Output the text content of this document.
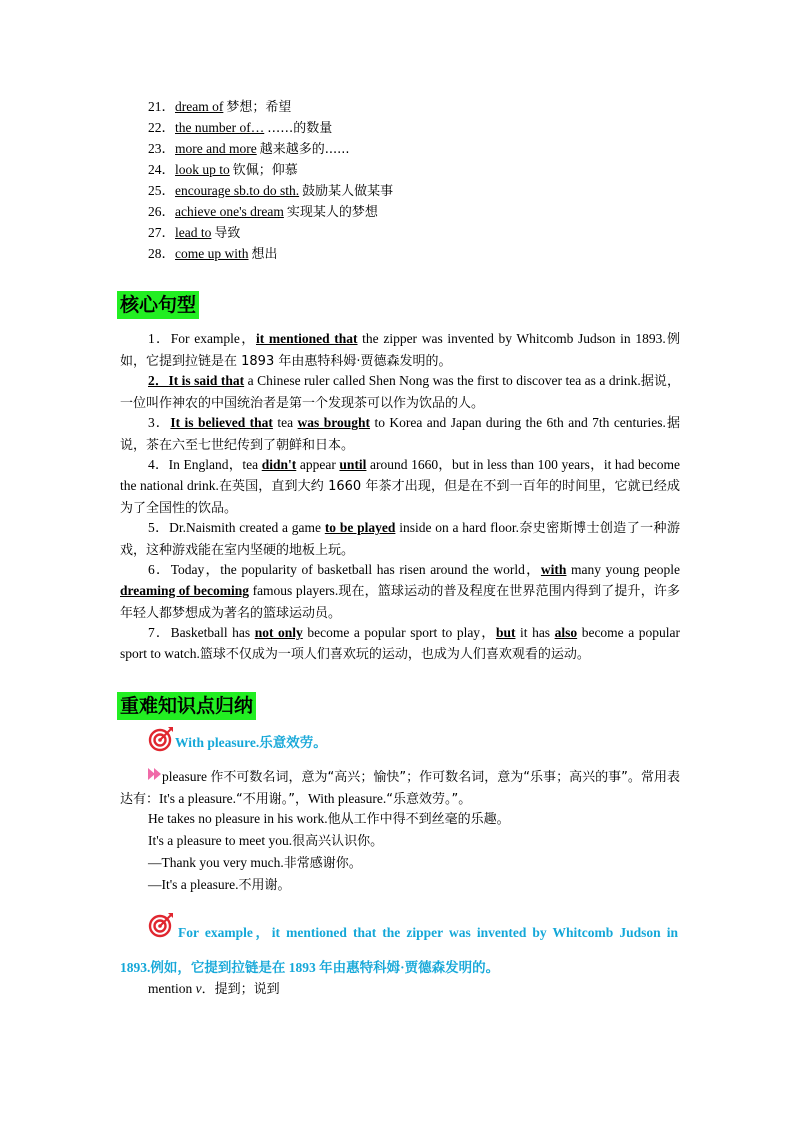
21．dream of 梦想；希望
22．the number of… ……的数量
23．more and more 越来越多的......
24．look up to 钦佩；仰慕
25．encourage sb.to do sth. 鼓励某人做某事
26．achieve one's dream 实现某人的梦想
27．lead to 导致
28．come up with 想出
核心句型
1．For example，it mentioned that the zipper was invented by Whitcomb Judson in 1893.例如，它提到拉链是在 1893 年由惠特科姆·贾德森发明的。
2．It is said that a Chinese ruler called Shen Nong was the first to discover tea as a drink.据说，一位叫作神农的中国统治者是第一个发现茶可以作为饮品的人。
3．It is believed that tea was brought to Korea and Japan during the 6th and 7th centuries.据说，茶在六至七世纪传到了朝鲜和日本。
4．In England，tea didn't appear until around 1660，but in less than 100 years，it had become the national drink.在英国，直到大约 1660 年茶才出现，但是在不到一百年的时间里，它就已经成为了全国性的饮品。
5．Dr.Naismith created a game to be played inside on a hard floor.奈史密斯博士创造了一种游戏，这种游戏能在室内坚硬的地板上玩。
6．Today，the popularity of basketball has risen around the world，with many young people dreaming of becoming famous players.现在，篮球运动的普及程度在世界范围内得到了提升，许多年轻人都梦想成为著名的篮球运动员。
7．Basketball has not only become a popular sport to play，but it has also become a popular sport to watch.篮球不仅成为一项人们喜欢玩的运动，也成为人们喜欢观看的运动。
重难知识点归纳
With pleasure.乐意效劳。
pleasure 作不可数名词，意为“高兴；愉快”；作可数名词，意为“乐事；高兴的事”。常用表达有：It's a pleasure.“不用谢。”，With pleasure.“乐意效劳。”。
He takes no pleasure in his work.他从工作中得不到丝毫的乐趣。
It's a pleasure to meet you.很高兴认识你。
—Thank you very much.非常感谢你。
—It's a pleasure.不用谢。
For example，it mentioned that the zipper was invented by Whitcomb Judson in
1893.例如，它提到拉链是在 1893 年由惠特科姆·贾德森发明的。
mention v．提到；说到
